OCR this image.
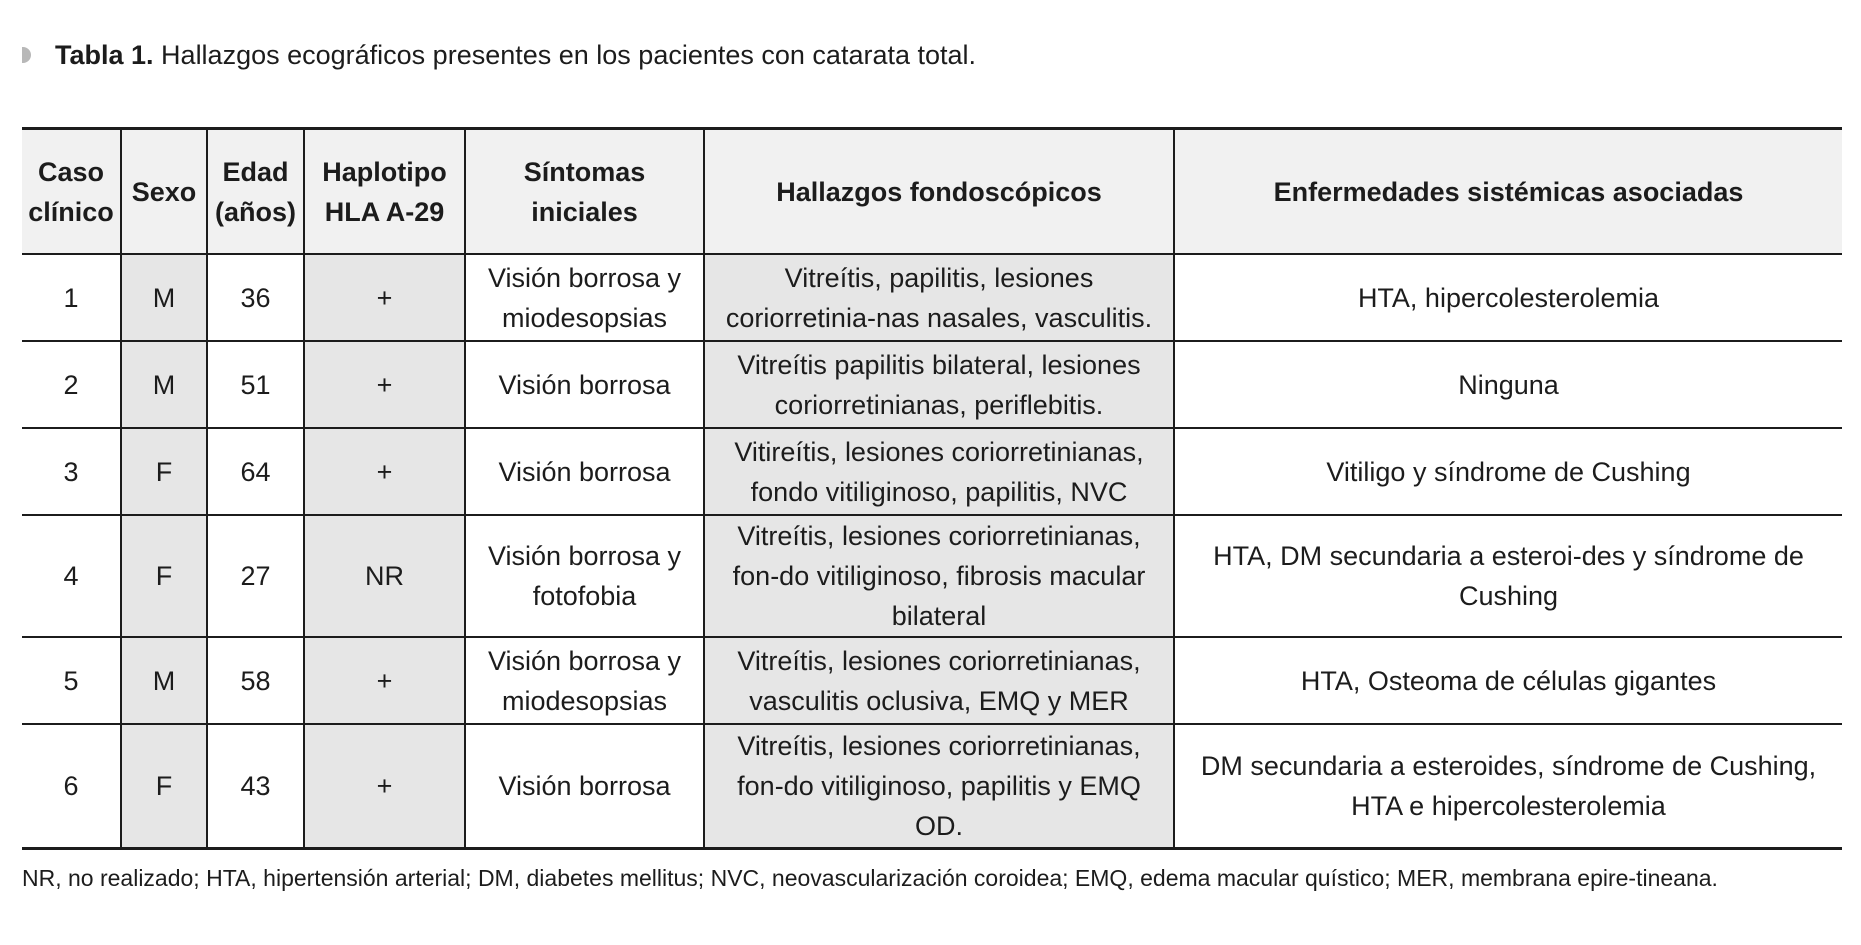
Tabla 1. Hallazgos ecográficos presentes en los pacientes con catarata total.
Caso clínico	Sexo	Edad (años)	Haplotipo HLA A-29	Síntomas iniciales	Hallazgos fondoscópicos	Enfermedades sistémicas asociadas
1	M	36	+	Visión borrosa y miodesopsias	Vitreítis, papilitis, lesiones coriorretinia-nas nasales, vasculitis.	HTA, hipercolesterolemia
2	M	51	+	Visión borrosa	Vitreítis papilitis bilateral, lesiones coriorretinianas, periflebitis.	Ninguna
3	F	64	+	Visión borrosa	Vitireítis, lesiones coriorretinianas, fondo vitiliginoso, papilitis, NVC	Vitiligo y síndrome de Cushing
4	F	27	NR	Visión borrosa y fotofobia	Vitreítis, lesiones coriorretinianas, fon-do vitiliginoso, fibrosis macular bilateral	HTA, DM secundaria a esteroi-des y síndrome de Cushing
5	M	58	+	Visión borrosa y miodesopsias	Vitreítis, lesiones coriorretinianas, vasculitis oclusiva, EMQ y MER	HTA, Osteoma de células gigantes
6	F	43	+	Visión borrosa	Vitreítis, lesiones coriorretinianas, fon-do vitiliginoso, papilitis y EMQ OD.	DM secundaria a esteroides, síndrome de Cushing, HTA e hipercolesterolemia
NR, no realizado; HTA, hipertensión arterial; DM, diabetes mellitus; NVC, neovascularización coroidea; EMQ, edema macular quístico; MER, membrana epire-tineana.
